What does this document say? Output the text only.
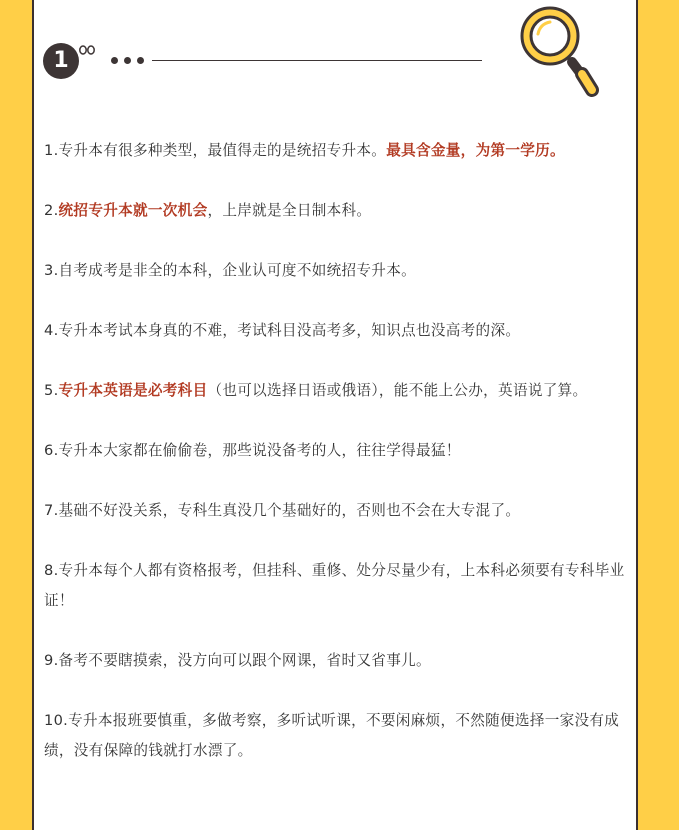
1

1.专升本有很多种类型，最值得走的是统招专升本。最具含金量，为第一学历。

2.统招专升本就一次机会，上岸就是全日制本科。

3.自考成考是非全的本科，企业认可度不如统招专升本。

4.专升本考试本身真的不难，考试科目没高考多，知识点也没高考的深。

5.专升本英语是必考科目（也可以选择日语或俄语），能不能上公办，英语说了算。

6.专升本大家都在偷偷卷，那些说没备考的人，往往学得最猛！

7.基础不好没关系，专科生真没几个基础好的，否则也不会在大专混了。

8.专升本每个人都有资格报考，但挂科、重修、处分尽量少有，上本科必须要有专科毕业证！

9.备考不要瞎摸索，没方向可以跟个网课，省时又省事儿。

10.专升本报班要慎重，多做考察，多听试听课，不要闲麻烦，不然随便选择一家没有成绩，没有保障的钱就打水漂了。
